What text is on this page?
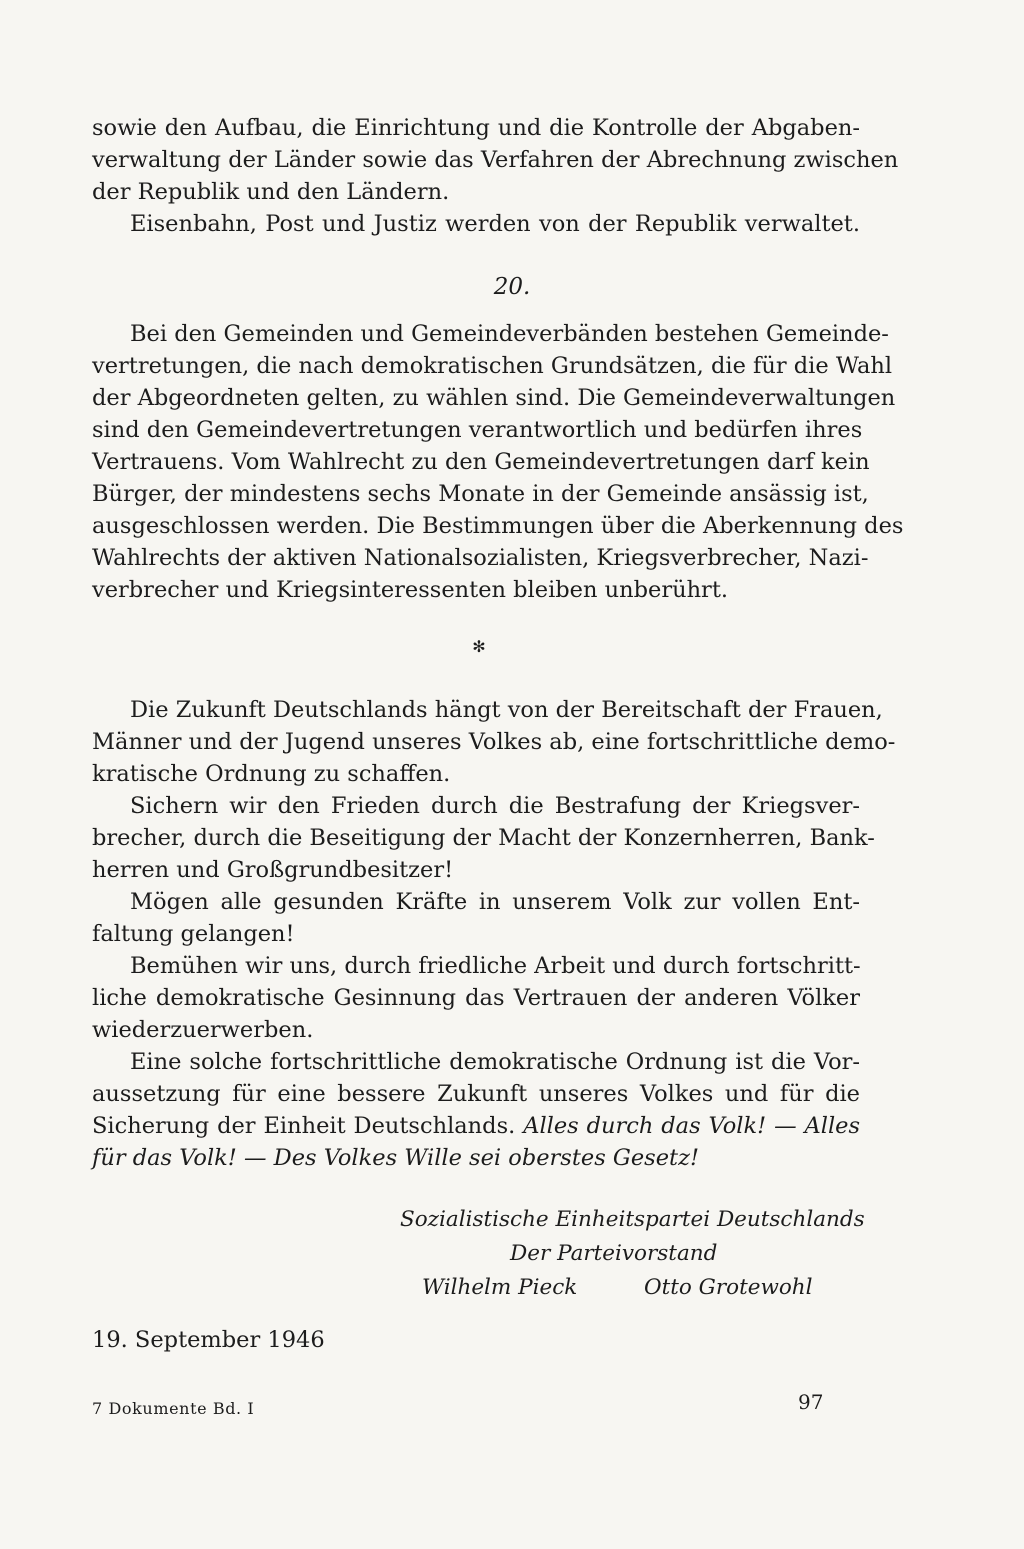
sowie den Aufbau, die Einrichtung und die Kontrolle der Abgaben-
verwaltung der Länder sowie das Verfahren der Abrechnung zwischen
der Republik und den Ländern.
Eisenbahn, Post und Justiz werden von der Republik verwaltet.
20.
Bei den Gemeinden und Gemeindeverbänden bestehen Gemeinde-
vertretungen, die nach demokratischen Grundsätzen, die für die Wahl
der Abgeordneten gelten, zu wählen sind. Die Gemeindeverwaltungen
sind den Gemeindevertretungen verantwortlich und bedürfen ihres
Vertrauens. Vom Wahlrecht zu den Gemeindevertretungen darf kein
Bürger, der mindestens sechs Monate in der Gemeinde ansässig ist,
ausgeschlossen werden. Die Bestimmungen über die Aberkennung des
Wahlrechts der aktiven Nationalsozialisten, Kriegsverbrecher, Nazi-
verbrecher und Kriegsinteressenten bleiben unberührt.
✻
Die Zukunft Deutschlands hängt von der Bereitschaft der Frauen,
Männer und der Jugend unseres Volkes ab, eine fortschrittliche demo-
kratische Ordnung zu schaffen.
Sichern wir den Frieden durch die Bestrafung der Kriegsver-
brecher, durch die Beseitigung der Macht der Konzernherren, Bank-
herren und Großgrundbesitzer!
Mögen alle gesunden Kräfte in unserem Volk zur vollen Ent-
faltung gelangen!
Bemühen wir uns, durch friedliche Arbeit und durch fortschritt-
liche demokratische Gesinnung das Vertrauen der anderen Völker
wiederzuerwerben.
Eine solche fortschrittliche demokratische Ordnung ist die Vor-
aussetzung für eine bessere Zukunft unseres Volkes und für die
Sicherung der Einheit Deutschlands. Alles durch das Volk! — Alles
für das Volk! — Des Volkes Wille sei oberstes Gesetz!
Sozialistische Einheitspartei Deutschlands
Der Parteivorstand
Wilhelm Pieck	Otto Grotewohl
19. September 1946
7 Dokumente Bd. I	97
